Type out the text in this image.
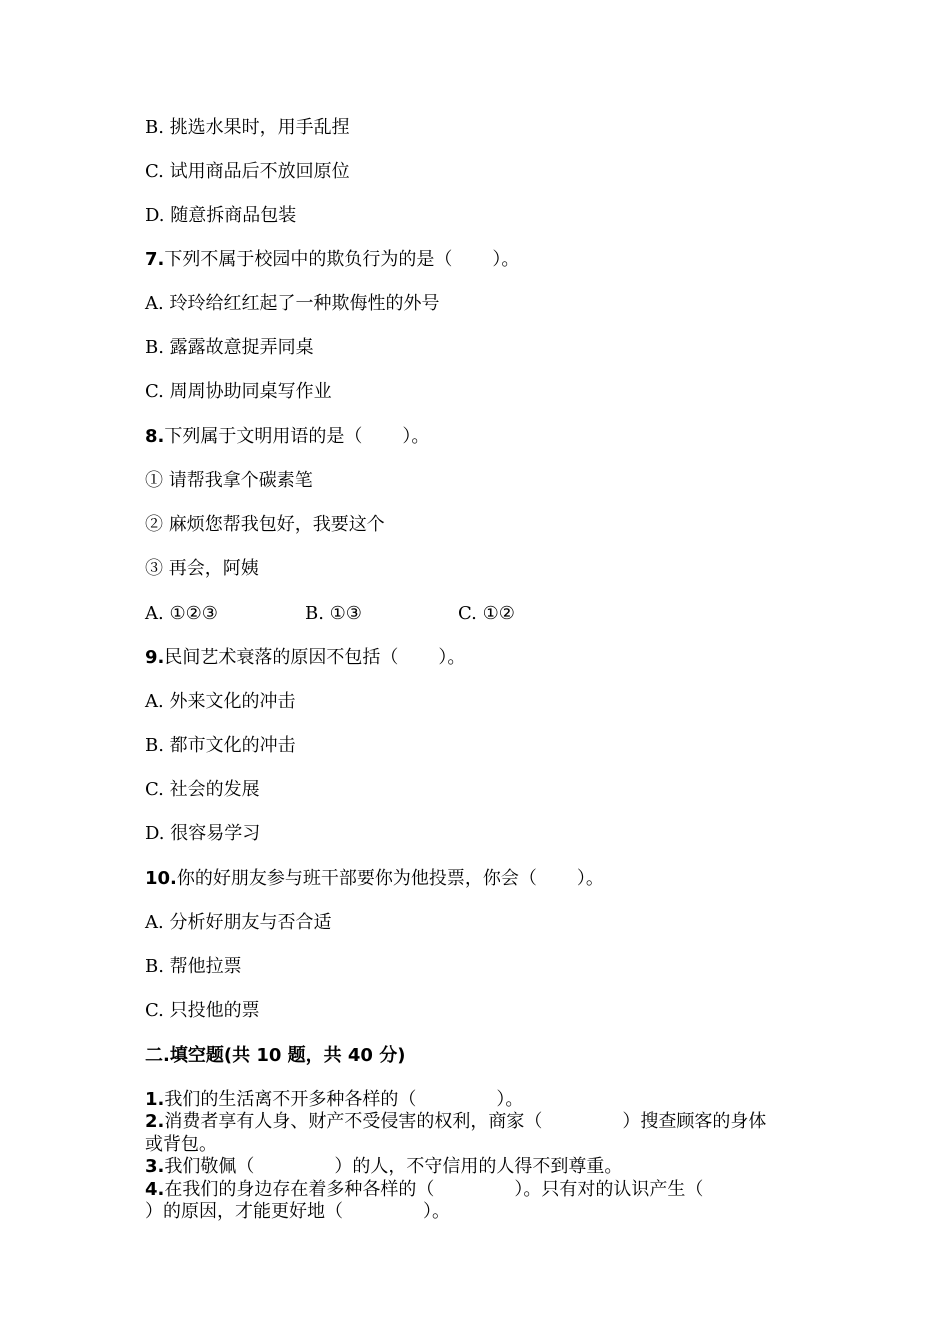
B. 挑选水果时，用手乱捏
C. 试用商品后不放回原位
D. 随意拆商品包装
7.下列不属于校园中的欺负行为的是（ ）。
A. 玲玲给红红起了一种欺侮性的外号
B. 露露故意捉弄同桌
C. 周周协助同桌写作业
8.下列属于文明用语的是（ ）。
① 请帮我拿个碳素笔
② 麻烦您帮我包好，我要这个
③ 再会，阿姨

A. ①②③

	B. ①③

	C. ①②

9.民间艺术衰落的原因不包括（ ）。
A. 外来文化的冲击
B. 都市文化的冲击
C. 社会的发展
D. 很容易学习
10.你的好朋友参与班干部要你为他投票，你会（ ）。
A. 分析好朋友与否合适
B. 帮他拉票
C. 只投他的票
二.填空题(共 10 题，共 40 分)
1.我们的生活离不开多种各样的（	）。
2.消费者享有人身、财产不受侵害的权利，商家（	）搜查顾客的身体
或背包。
3.我们敬佩（	）的人，不守信用的人得不到尊重。
4.在我们的身边存在着多种各样的（	）。只有对的认识产生（
）的原因，才能更好地（	）。
